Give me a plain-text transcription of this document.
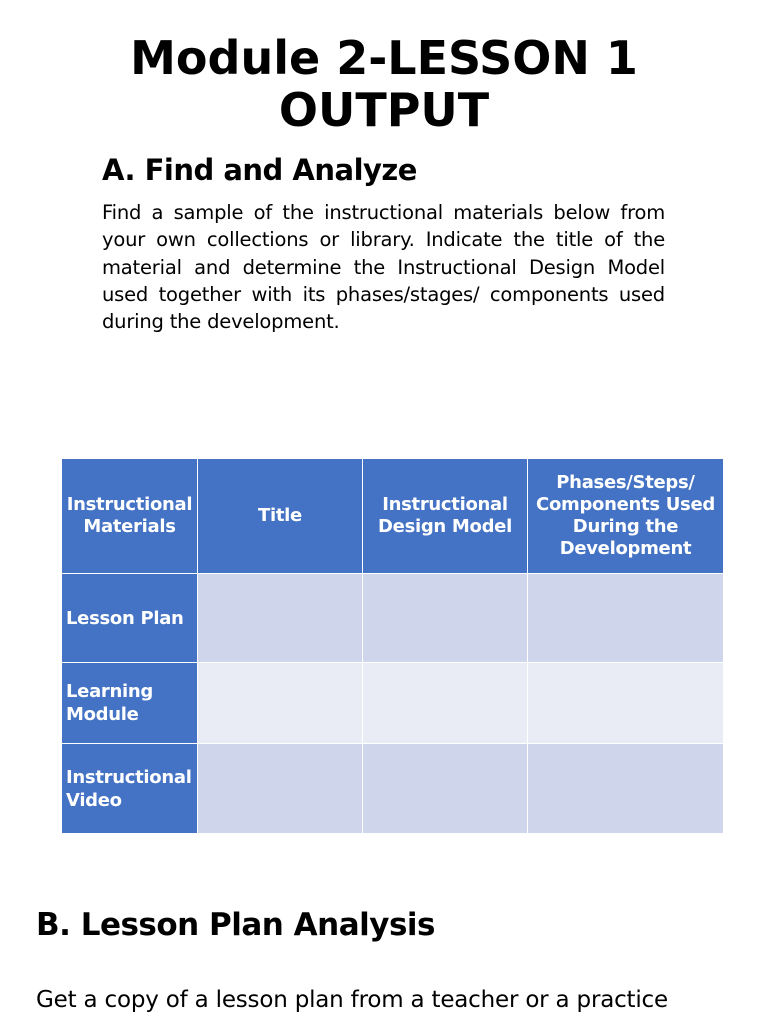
Module 2-LESSON 1
OUTPUT
A. Find and Analyze

Find a sample of the instructional materials below from your own collections or library. Indicate the title of the material and determine the Instructional Design Model used together with its phases/stages/ components used during the development.

Instructional Materials	Title	Instructional Design Model	Phases/Steps/ Components Used During the Development
Lesson Plan			
Learning Module			
Instructional Video			
B. Lesson Plan Analysis

Get a copy of a lesson plan from a teacher or a practice
